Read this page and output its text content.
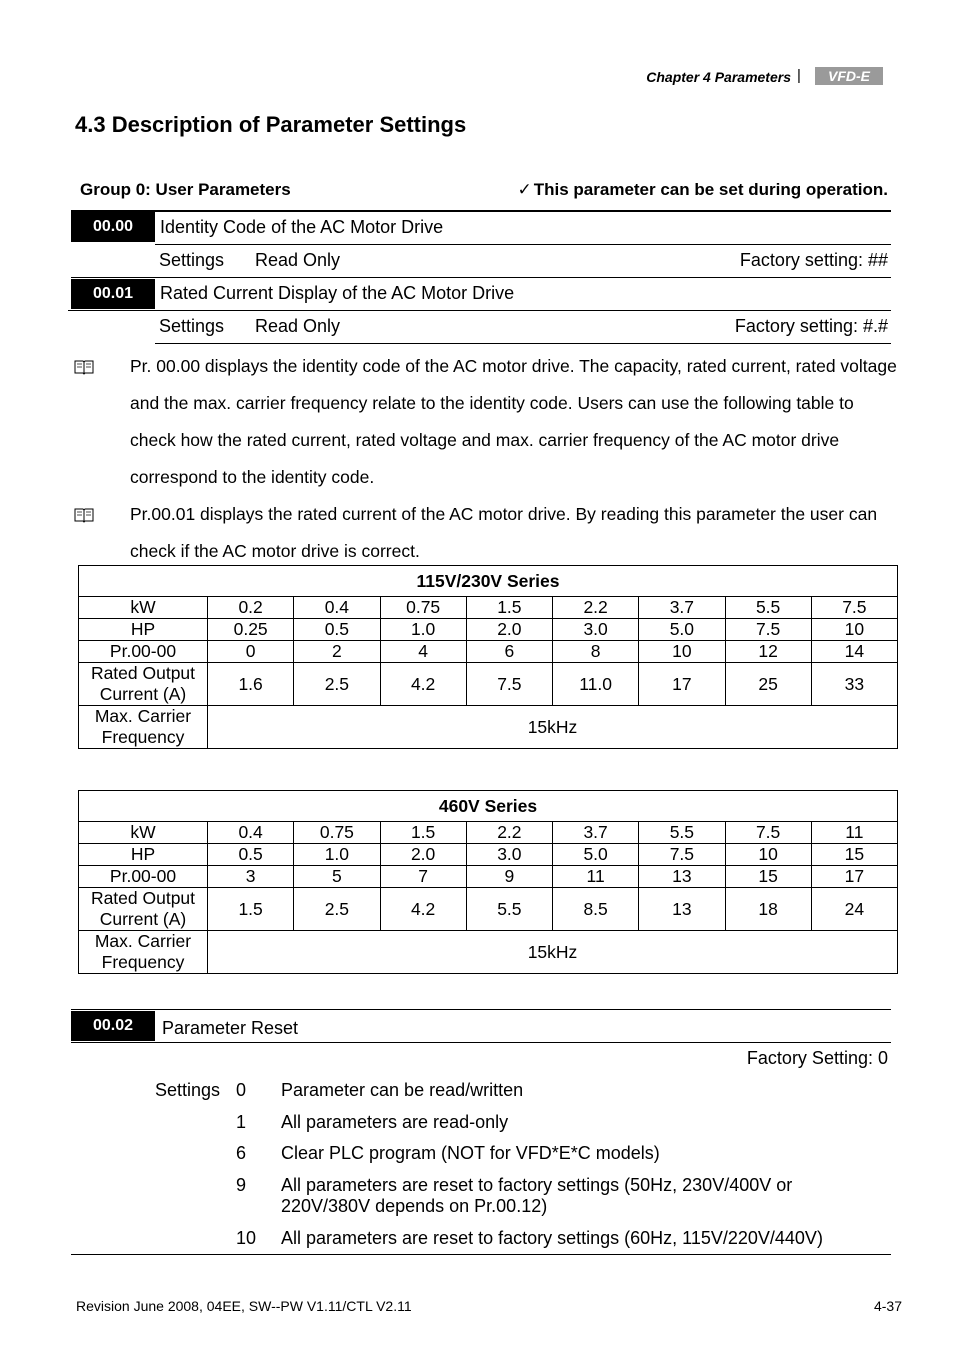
Chapter 4 Parameters | VFD-E
4.3 Description of Parameter Settings
Group 0: User Parameters	✓ This parameter can be set during operation.
00.00	Identity Code of the AC Motor Drive
Settings Read Only	Factory setting: ##
00.01	Rated Current Display of the AC Motor Drive
Settings Read Only	Factory setting: #.#
Pr. 00.00 displays the identity code of the AC motor drive. The capacity, rated current, rated voltage and the max. carrier frequency relate to the identity code. Users can use the following table to check how the rated current, rated voltage and max. carrier frequency of the AC motor drive correspond to the identity code.
Pr.00.01 displays the rated current of the AC motor drive. By reading this parameter the user can check if the AC motor drive is correct.
115V/230V Series								
kW	0.2	0.4	0.75	1.5	2.2	3.7	5.5	7.5
HP	0.25	0.5	1.0	2.0	3.0	5.0	7.5	10
Pr.00-00	0	2	4	6	8	10	12	14

Rated Output
Current (A)	1.6	2.5	4.2	7.5	11.0	17	25	33

Max. Carrier
Frequency	15kHz							
460V Series								
kW	0.4	0.75	1.5	2.2	3.7	5.5	7.5	11
HP	0.5	1.0	2.0	3.0	5.0	7.5	10	15
Pr.00-00	3	5	7	9	11	13	15	17

Rated Output
Current (A)	1.5	2.5	4.2	5.5	8.5	13	18	24

Max. Carrier
Frequency	15kHz							
00.02	Parameter Reset
Factory Setting: 0
Settings 0 Parameter can be read/written
1 All parameters are read-only
6 Clear PLC program (NOT for VFD*E*C models)
9 All parameters are reset to factory settings (50Hz, 230V/400V or 220V/380V depends on Pr.00.12)
10 All parameters are reset to factory settings (60Hz, 115V/220V/440V)
Revision June 2008, 04EE, SW--PW V1.11/CTL V2.11	4-37
